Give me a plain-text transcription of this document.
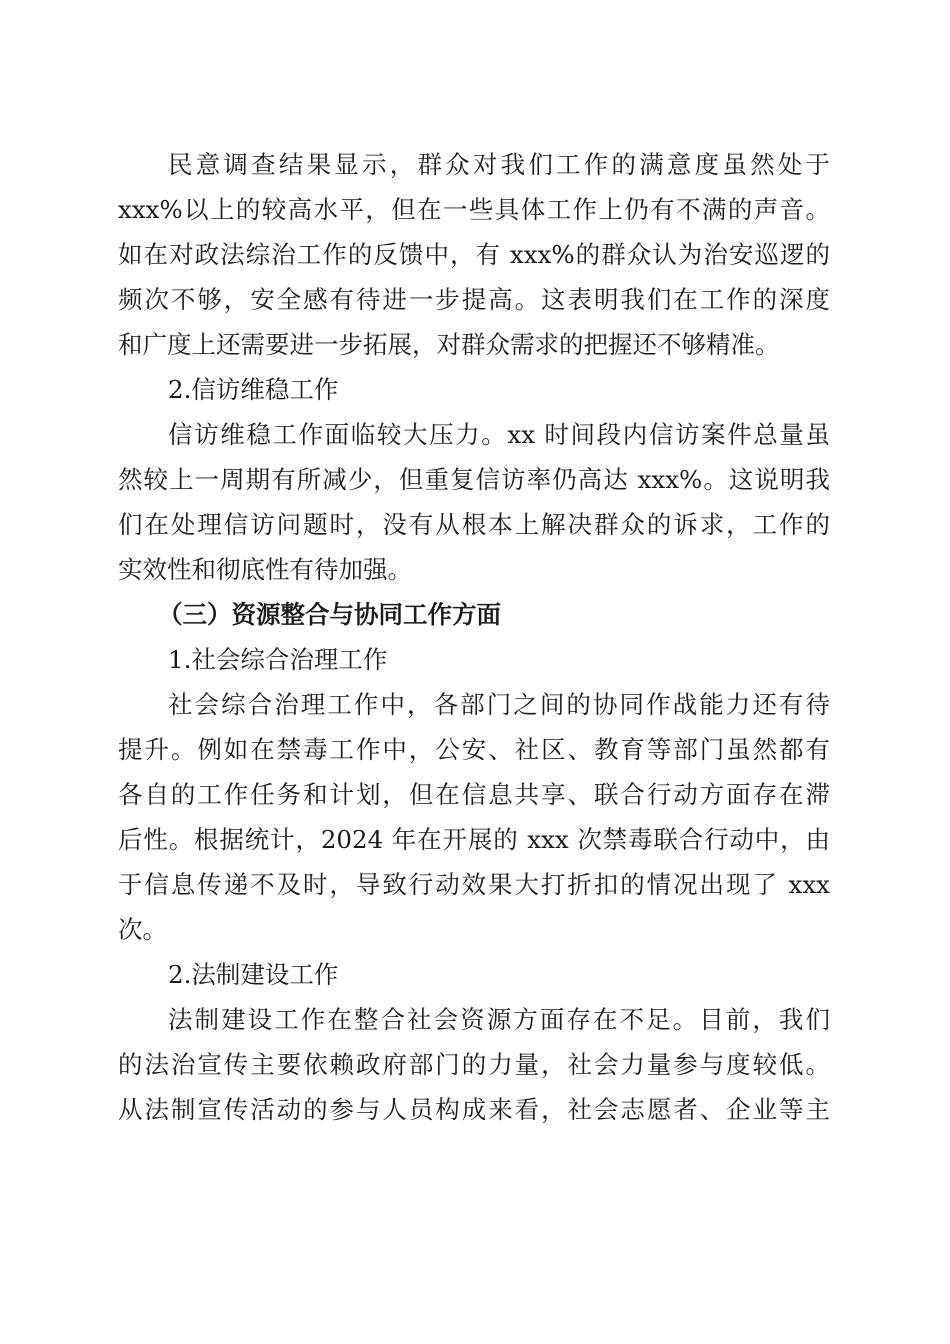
民意调查结果显示，群众对我们工作的满意度虽然处于
xxx%以上的较高水平，但在一些具体工作上仍有不满的声音。
如在对政法综治工作的反馈中，有 xxx%的群众认为治安巡逻的
频次不够，安全感有待进一步提高。这表明我们在工作的深度
和广度上还需要进一步拓展，对群众需求的把握还不够精准。
2.信访维稳工作
信访维稳工作面临较大压力。xx 时间段内信访案件总量虽
然较上一周期有所减少，但重复信访率仍高达 xxx%。这说明我
们在处理信访问题时，没有从根本上解决群众的诉求，工作的
实效性和彻底性有待加强。
（三）资源整合与协同工作方面
1.社会综合治理工作
社会综合治理工作中，各部门之间的协同作战能力还有待
提升。例如在禁毒工作中，公安、社区、教育等部门虽然都有
各自的工作任务和计划，但在信息共享、联合行动方面存在滞
后性。根据统计，2024 年在开展的 xxx 次禁毒联合行动中，由
于信息传递不及时，导致行动效果大打折扣的情况出现了 xxx
次。
2.法制建设工作
法制建设工作在整合社会资源方面存在不足。目前，我们
的法治宣传主要依赖政府部门的力量，社会力量参与度较低。
从法制宣传活动的参与人员构成来看，社会志愿者、企业等主
